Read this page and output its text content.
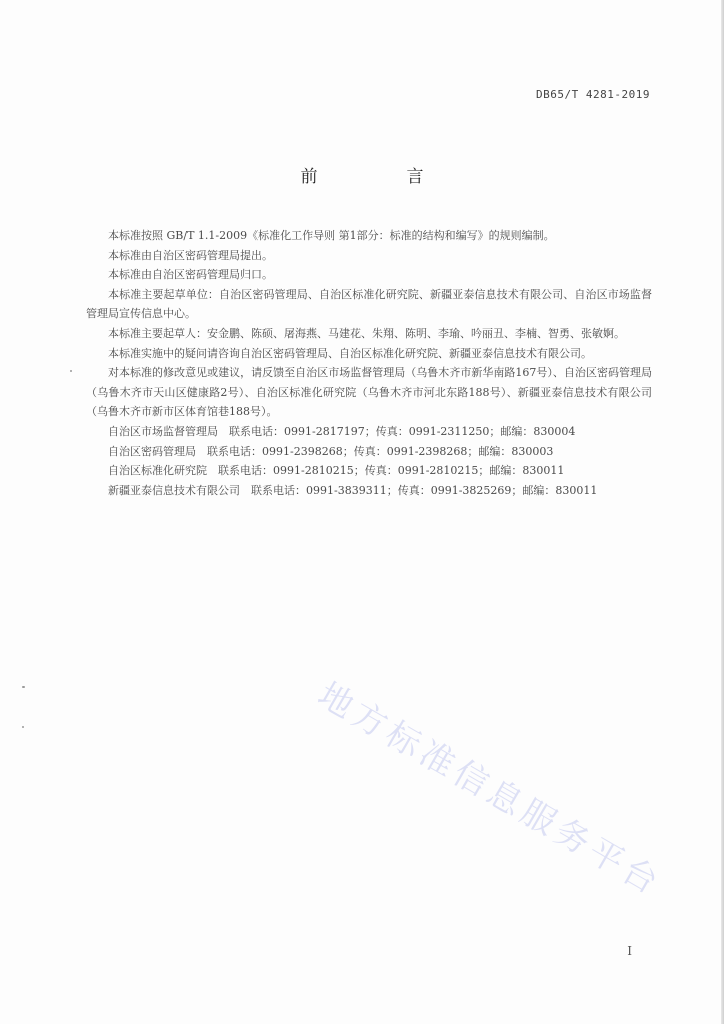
DB65/T 4281-2019
前　言

本标准按照 GB/T 1.1-2009《标准化工作导则 第1部分：标准的结构和编写》的规则编制。

本标准由自治区密码管理局提出。

本标准由自治区密码管理局归口。

本标准主要起草单位：自治区密码管理局、自治区标准化研究院、新疆亚泰信息技术有限公司、自治区市场监督管理局宣传信息中心。

本标准主要起草人：安金鹏、陈硕、屠海燕、马建花、朱翔、陈明、李瑜、吟丽丑、李楠、智勇、张敏婀。

本标准实施中的疑问请咨询自治区密码管理局、自治区标准化研究院、新疆亚泰信息技术有限公司。

对本标准的修改意见或建议，请反馈至自治区市场监督管理局（乌鲁木齐市新华南路167号）、自治区密码管理局（乌鲁木齐市天山区健康路2号）、自治区标准化研究院（乌鲁木齐市河北东路188号）、新疆亚泰信息技术有限公司（乌鲁木齐市新市区体育馆巷188号）。

自治区市场监督管理局　联系电话：0991-2817197；传真：0991-2311250；邮编：830004

自治区密码管理局　联系电话：0991-2398268；传真：0991-2398268；邮编：830003

自治区标准化研究院　联系电话：0991-2810215；传真：0991-2810215；邮编：830011

新疆亚泰信息技术有限公司　联系电话：0991-3839311；传真：0991-3825269；邮编：830011

地方标准信息服务平台
I
